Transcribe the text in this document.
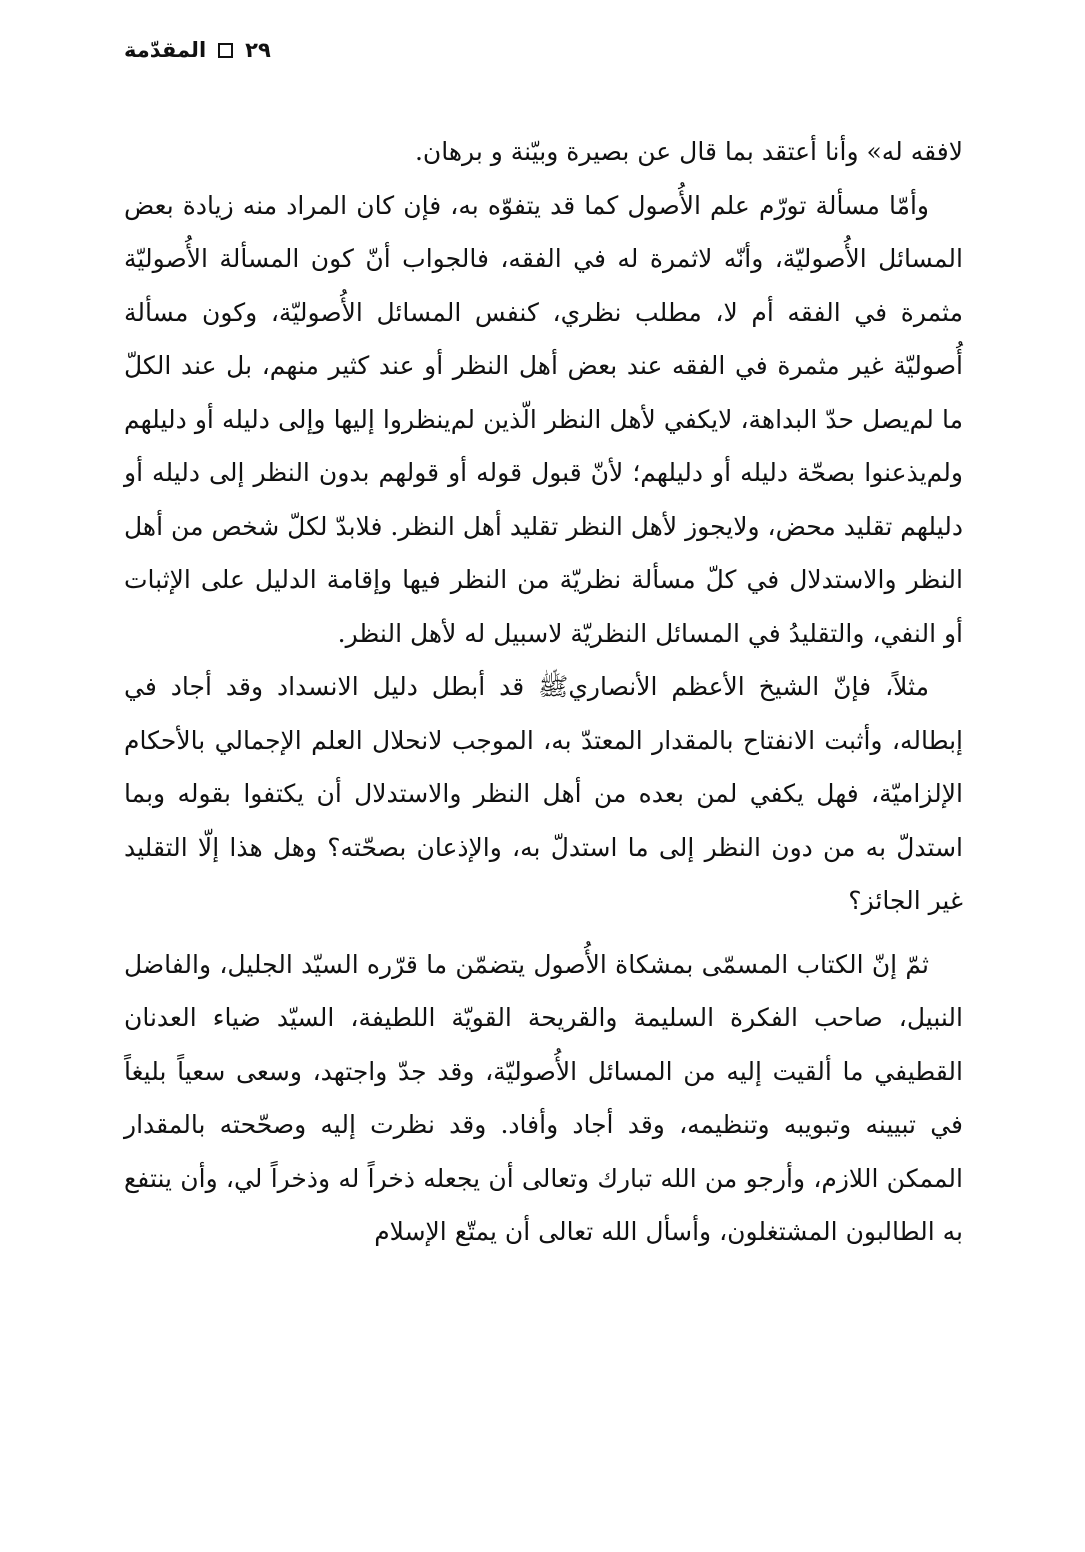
المقدّمة ٢٩

لافقه له» وأنا أعتقد بما قال عن بصيرة وبيّنة و برهان.

وأمّا مسألة تورّم علم الأُصول كما قد يتفوّه به، فإن كان المراد منه زيادة بعض المسائل الأُصوليّة، وأنّه لاثمرة له في الفقه، فالجواب أنّ كون المسألة الأُصوليّة مثمرة في الفقه أم لا، مطلب نظري، كنفس المسائل الأُصوليّة، وكون مسألة أُصوليّة غير مثمرة في الفقه عند بعض أهل النظر أو عند كثير منهم، بل عند الكلّ ما لم‌يصل حدّ البداهة، لايكفي لأهل النظر الّذين لم‌ينظروا إليها وإلى دليله أو دليلهم ولم‌يذعنوا بصحّة دليله أو دليلهم؛ لأنّ قبول قوله أو قولهم بدون النظر إلى دليله أو دليلهم تقليد محض، ولايجوز لأهل النظر تقليد أهل النظر. فلابدّ لكلّ شخص من أهل النظر والاستدلال في كلّ مسألة نظريّة من النظر فيها وإقامة الدليل على الإثبات أو النفي، والتقليدُ في المسائل النظريّة لاسبيل له لأهل النظر.

مثلاً، فإنّ الشيخ الأعظم الأنصاريﷺ قد أبطل دليل الانسداد وقد أجاد في إبطاله، وأثبت الانفتاح بالمقدار المعتدّ به، الموجب لانحلال العلم الإجمالي بالأحكام الإلزاميّة، فهل يكفي لمن بعده من أهل النظر والاستدلال أن يكتفوا بقوله وبما استدلّ به من دون النظر إلى ما استدلّ به، والإذعان بصحّته؟ وهل هذا إلّا التقليد غير الجائز؟

ثمّ إنّ الكتاب المسمّى بمشكاة الأُصول يتضمّن ما قرّره السيّد الجليل، والفاضل النبيل، صاحب الفكرة السليمة والقريحة القويّة اللطيفة، السيّد ضياء العدنان القطيفي ما ألقيت إليه من المسائل الأُصوليّة، وقد جدّ واجتهد، وسعى سعياً بليغاً في تبيينه وتبويبه وتنظيمه، وقد أجاد وأفاد. وقد نظرت إليه وصحّحته بالمقدار الممكن اللازم، وأرجو من الله تبارك وتعالى أن يجعله ذخراً له وذخراً لي، وأن ينتفع به الطالبون المشتغلون، وأسأل الله تعالى أن يمتّع الإسلام
